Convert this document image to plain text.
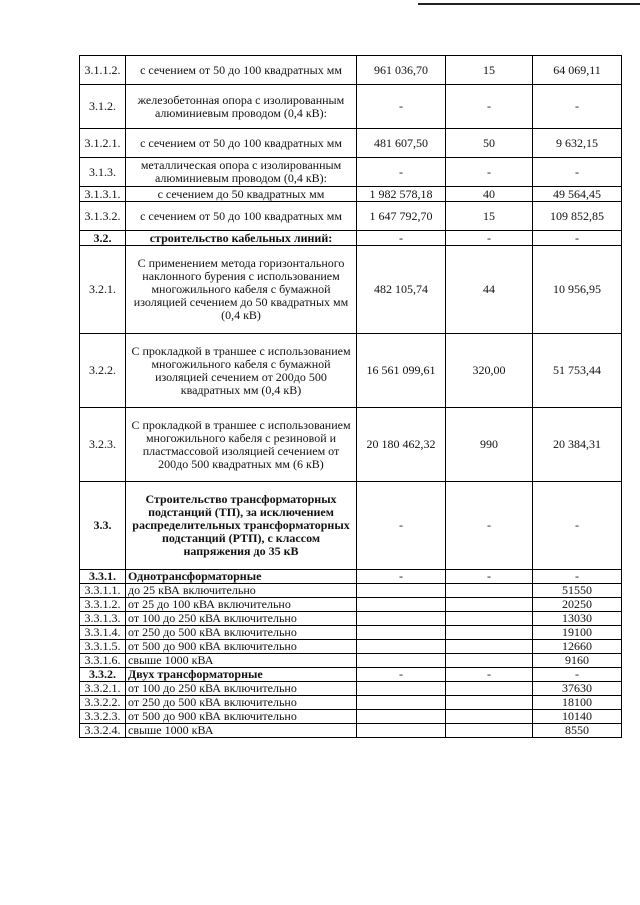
3.1.1.2.	с сечением от 50 до 100 квадратных мм	961 036,70	15	64 069,11
3.1.2.	железобетонная опора с изолированным алюминиевым проводом (0,4 кВ):	-	-	-
3.1.2.1.	с сечением от 50 до 100 квадратных мм	481 607,50	50	9 632,15
3.1.3.	металлическая опора с изолированным алюминиевым проводом (0,4 кВ):	-	-	-
3.1.3.1.	с сечением до 50 квадратных мм	1 982 578,18	40	49 564,45
3.1.3.2.	с сечением от 50 до 100 квадратных мм	1 647 792,70	15	109 852,85
3.2.	строительство кабельных линий:	-	-	-
3.2.1.	С применением метода горизонтальнοго наклонного бурения с использованием многожильного кабеля с бумажной изоляцией сечением до 50 квадратных мм (0,4 кВ)	482 105,74	44	10 956,95
3.2.2.	С прокладкой в траншее с использованием многожильного кабеля с бумажной изоляцией сечением от 200до 500 квадратных мм (0,4 кВ)	16 561 099,61	320,00	51 753,44
3.2.3.	С прокладкой в траншее с использованием многожильного кабеля с резиновой и пластмассовой изоляцией сечением от 200до 500 квадратных мм (6 кВ)	20 180 462,32	990	20 384,31
3.3.	Строительство трансформаторных подстанций (ТП), за исключением распределительных трансформаторных подстанций (РТП), с классом напряжения до 35 кВ	-	-	-
3.3.1.	Однотрансформаторные	-	-	-
3.3.1.1.	до 25 кВА включительно			51550
3.3.1.2.	от 25 до 100 кВА включительно			20250
3.3.1.3.	от 100 до 250 кВА включительно			13030
3.3.1.4.	от 250 до 500 кВА включительно			19100
3.3.1.5.	от 500 до 900 кВА включительно			12660
3.3.1.6.	свыше 1000 кВА			9160
3.3.2.	Двух трансформаторные	-	-	-
3.3.2.1.	от 100 до 250 кВА включительно			37630
3.3.2.2.	от 250 до 500 кВА включительно			18100
3.3.2.3.	от 500 до 900 кВА включительно			10140
3.3.2.4.	свыше 1000 кВА			8550
